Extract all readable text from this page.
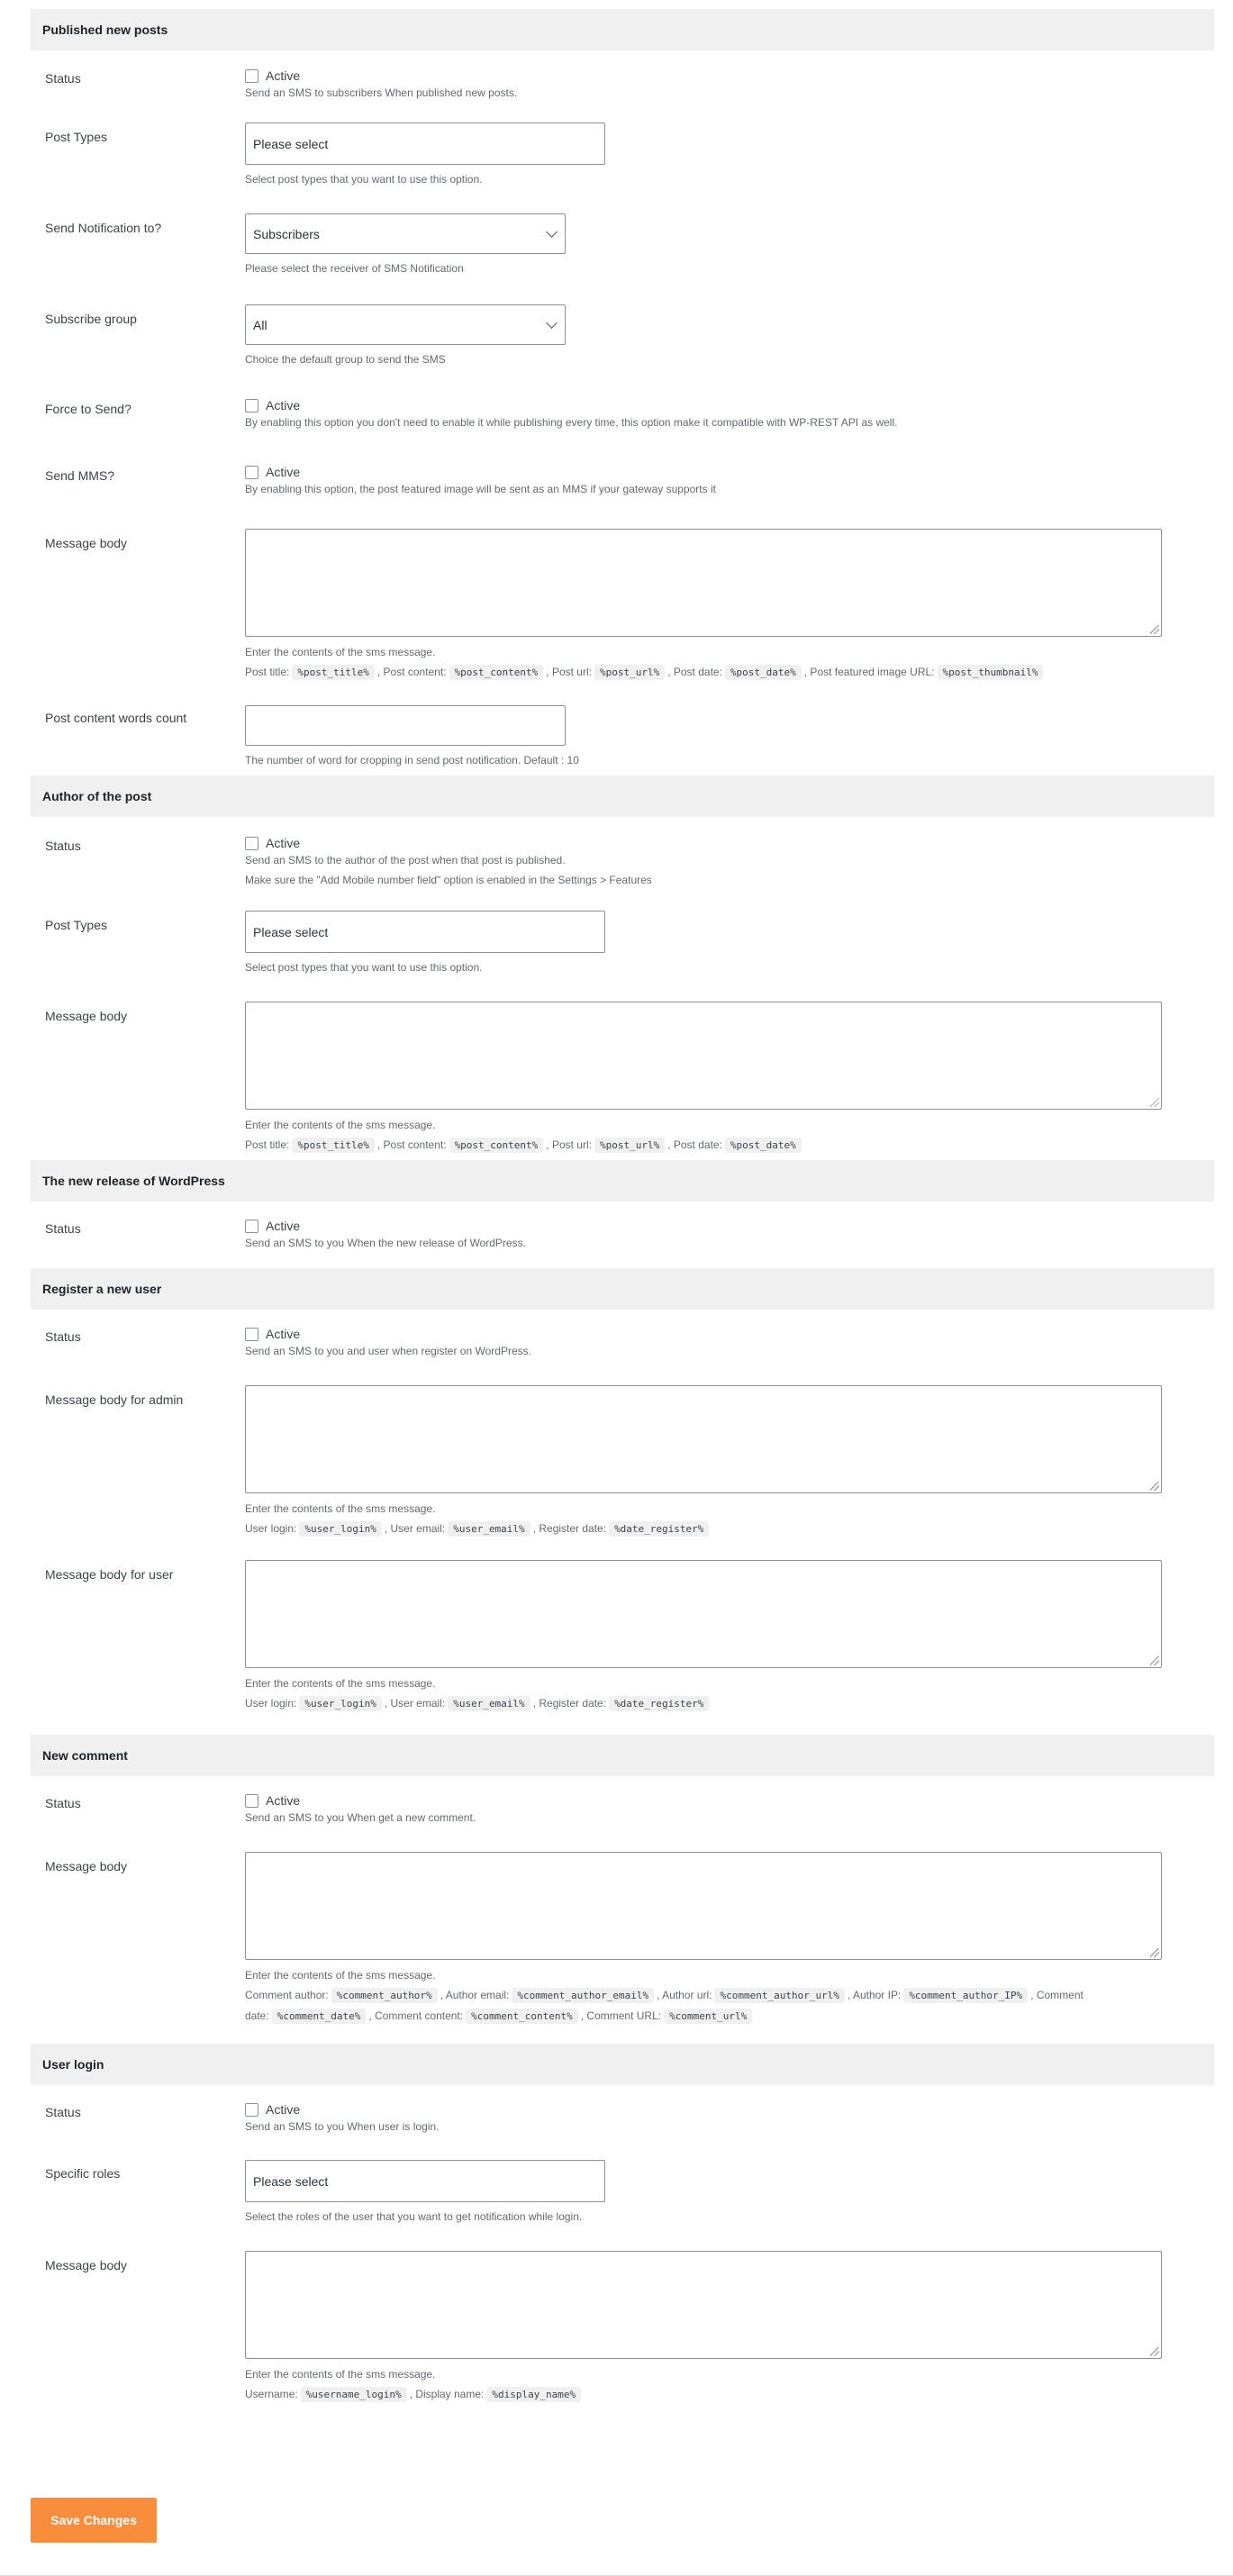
Published new posts
Status	Active
Send an SMS to subscribers When published new posts.
Post Types	Please select
Select post types that you want to use this option.
Send Notification to?	Subscribers
Please select the receiver of SMS Notification
Subscribe group	All
Choice the default group to send the SMS
Force to Send?	Active
By enabling this option you don't need to enable it while publishing every time, this option make it compatible with WP-REST API as well.
Send MMS?	Active
By enabling this option, the post featured image will be sent as an MMS if your gateway supports it
Message body
Enter the contents of the sms message.
Post title: %post_title% , Post content: %post_content% , Post url: %post_url% , Post date: %post_date% , Post featured image URL: %post_thumbnail%
Post content words count
The number of word for cropping in send post notification. Default : 10
Author of the post
Status	Active
Send an SMS to the author of the post when that post is published.
Make sure the "Add Mobile number field" option is enabled in the Settings > Features
Post Types	Please select
Select post types that you want to use this option.
Message body
Enter the contents of the sms message.
Post title: %post_title% , Post content: %post_content% , Post url: %post_url% , Post date: %post_date%
The new release of WordPress
Status	Active
Send an SMS to you When the new release of WordPress.
Register a new user
Status	Active
Send an SMS to you and user when register on WordPress.
Message body for admin
Enter the contents of the sms message.
User login: %user_login% , User email: %user_email% , Register date: %date_register%
Message body for user
Enter the contents of the sms message.
User login: %user_login% , User email: %user_email% , Register date: %date_register%
New comment
Status	Active
Send an SMS to you When get a new comment.
Message body
Enter the contents of the sms message.
Comment author: %comment_author% , Author email: %comment_author_email% , Author url: %comment_author_url% , Author IP: %comment_author_IP% , Comment date: %comment_date% , Comment content: %comment_content% , Comment URL: %comment_url%
User login
Status	Active
Send an SMS to you When user is login.
Specific roles
Please select
Select the roles of the user that you want to get notification while login.
Message body
Enter the contents of the sms message.
Username: %username_login% , Display name: %display_name%
Save Changes
